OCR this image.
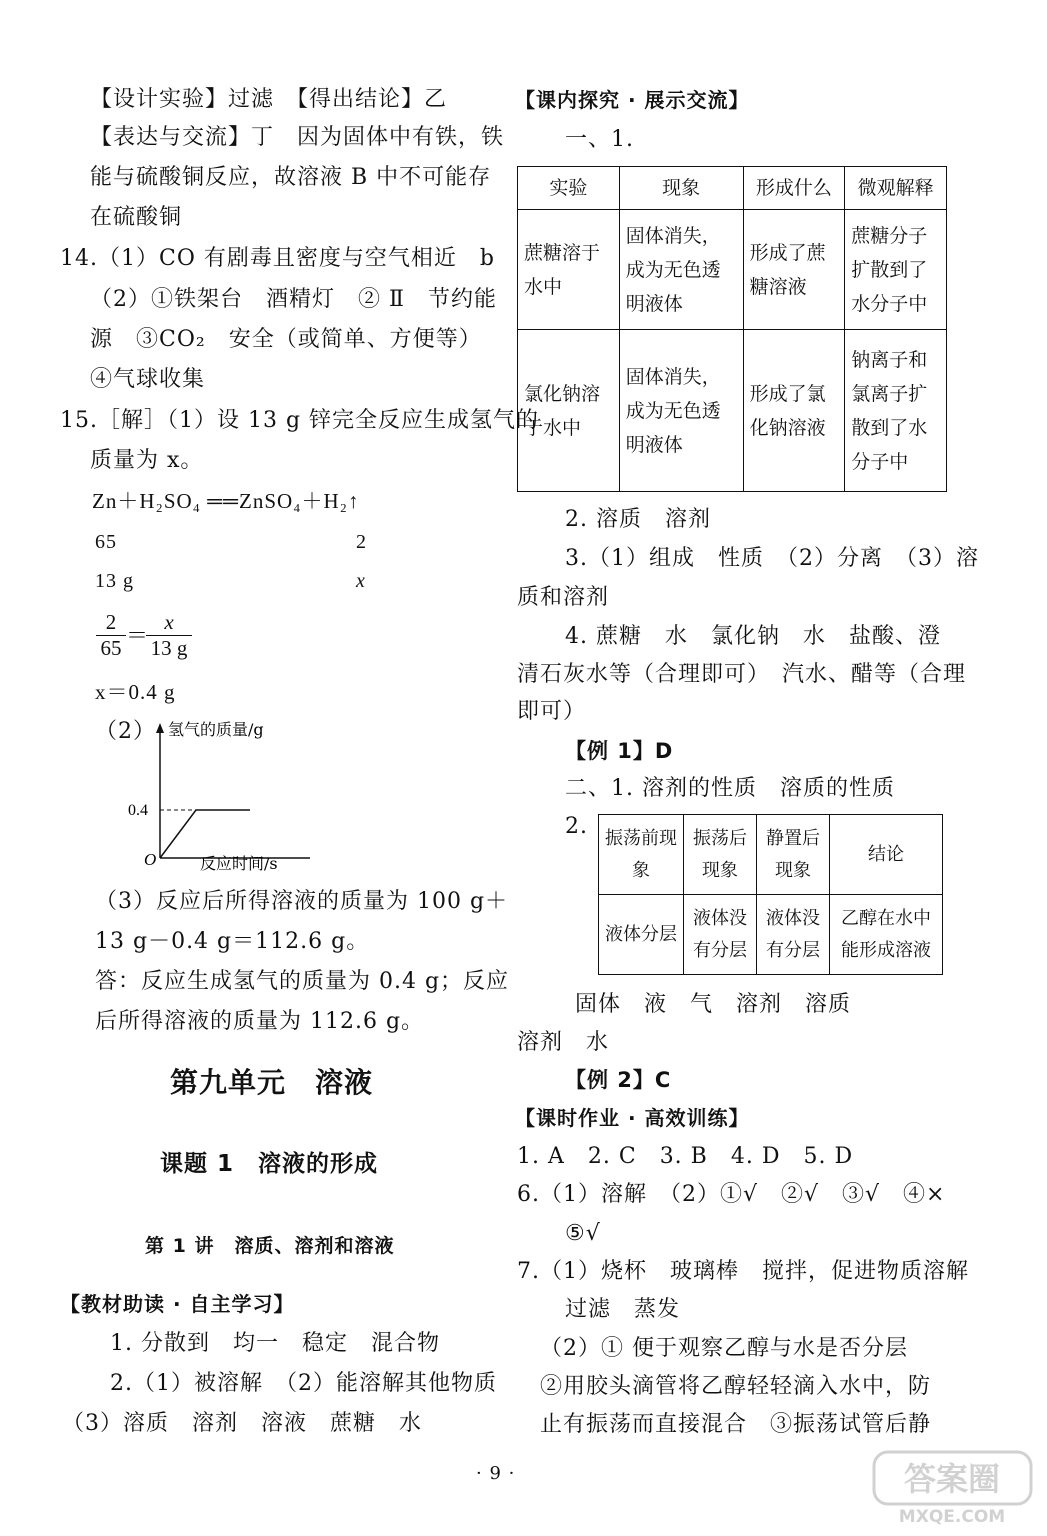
【设计实验】过滤　【得出结论】乙
【表达与交流】丁　因为固体中有铁，铁
能与硫酸铜反应，故溶液 B 中不可能存
在硫酸铜
14.（1）CO 有剧毒且密度与空气相近　b
（2）①铁架台　酒精灯　② Ⅱ　节约能
源　③CO₂　安全（或简单、方便等）
④气球收集
15.［解］（1）设 13 g 锌完全反应生成氢气的
质量为 x。
Zn＋H₂SO₄ ══ZnSO₄＋H₂↑
65	2
13 g	x
$\frac{2}{65}$ ＝
$\frac{x}{13 g}$
x＝0.4 g
（2）
0.4
O
氢气的质量/g
反应时间/s
（3）反应后所得溶液的质量为 100 g＋
13 g－0.4 g＝112.6 g。
答：反应生成氢气的质量为 0.4 g；反应
后所得溶液的质量为 112.6 g。
第九单元　溶液
课题 1　溶液的形成
第 1 讲　溶质、溶剂和溶液
【教材助读 · 自主学习】
1. 分散到　均一　稳定　混合物
2.（1）被溶解　（2）能溶解其他物质
（3）溶质　溶剂　溶液　蔗糖　水
【课内探究 · 展示交流】
一、1.
实验	现象	形成什么	微观解释
蔗糖溶于水中	固体消失，成为无色透明液体	形成了蔗糖溶液	蔗糖分子扩散到了水分子中
氯化钠溶于水中	固体消失，成为无色透明液体	形成了氯化钠溶液	钠离子和氯离子扩散到了水分子中
2. 溶质　溶剂
3.（1）组成　性质　（2）分离　（3）溶
质和溶剂
4. 蔗糖　水　氯化钠　水　盐酸、澄
清石灰水等（合理即可）　汽水、醋等（合理
即可）
【例 1】D
二、1. 溶剂的性质　溶质的性质
2. 振荡前现象	振荡后现象	静置后现象	结论
液体分层	液体没有分层	液体没有分层	乙醇在水中能形成溶液
固体　液　气　溶剂　溶质
溶剂　水
【例 2】C
【课时作业 · 高效训练】
1. A　2. C　3. B　4. D　5. D
6.（1）溶解　（2）①√　②√　③√　④×
⑤√
7.（1）烧杯　玻璃棒　搅拌，促进物质溶解
过滤　蒸发
（2）① 便于观察乙醇与水是否分层
②用胶头滴管将乙醇轻轻滴入水中，防
止有振荡而直接混合　③振荡试管后静
· 9 ·	答案圈
MXQE.COM
